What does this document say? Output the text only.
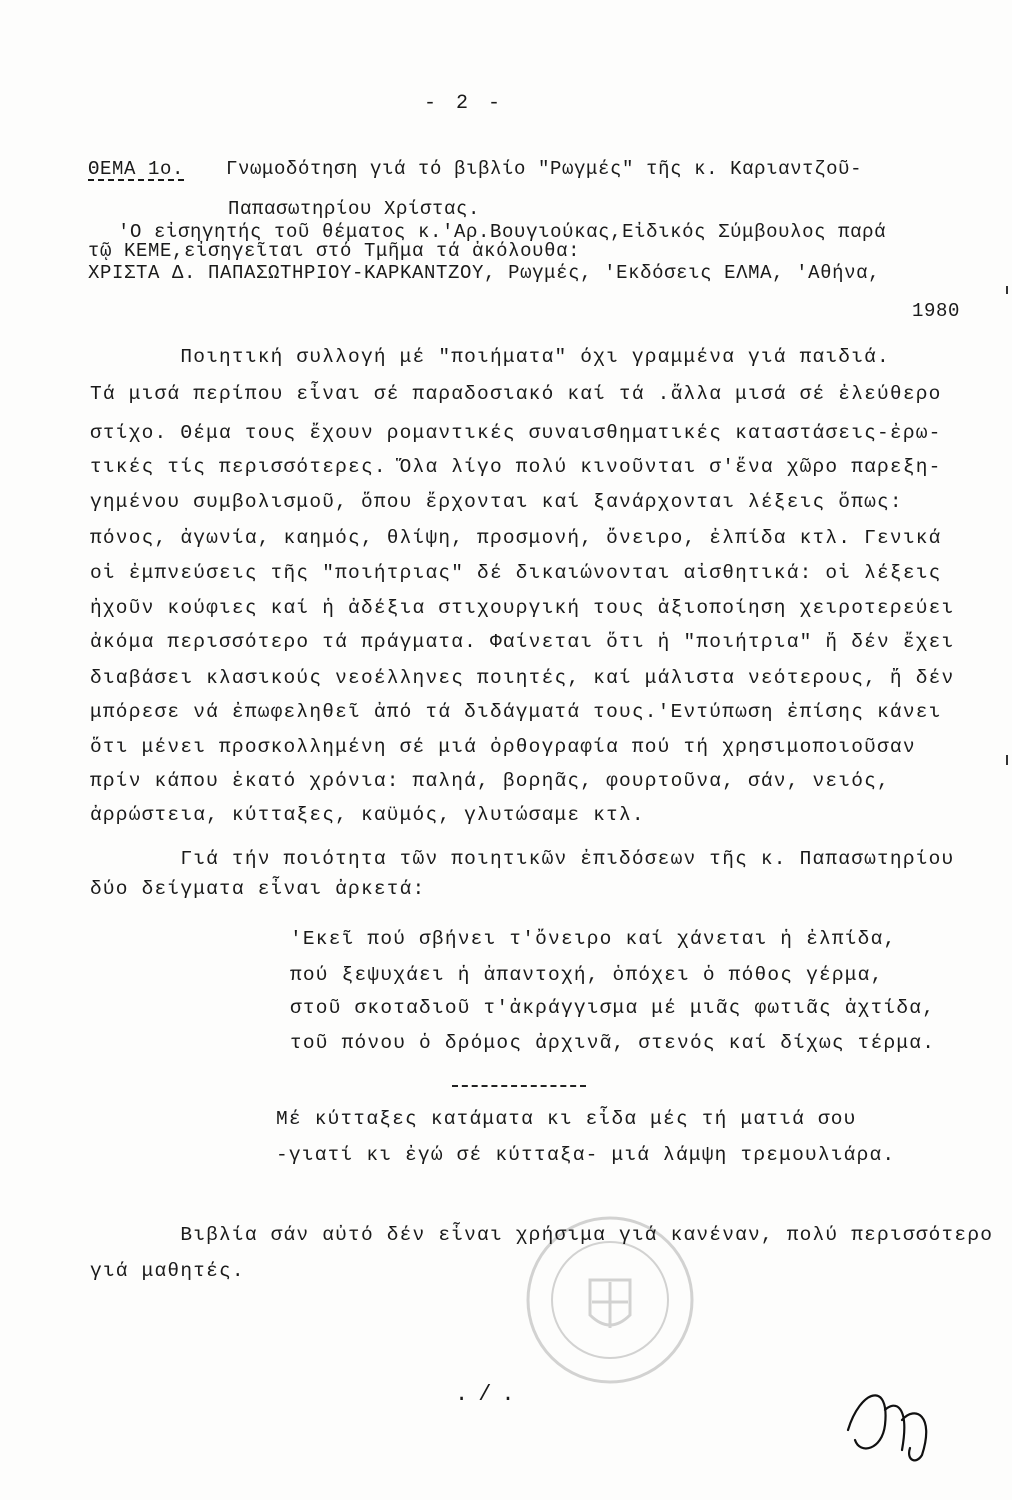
- 2 -
ΘΕΜΑ 1ο. Γνωμοδότηση γιά τό βιβλίο "Ρωγμές" τῆς κ. Καριαντζοῦ-
Παπασωτηρίου Χρίστας.
'Ο εἰσηγητής τοῦ θέματος κ.'Αρ.Βουγιούκας,Εἰδικός Σύμβουλος παρά
τῷ ΚΕΜΕ,εἰσηγεῖται στό Τμῆμα τά ἀκόλουθα:
ΧΡΙΣΤΑ Δ. ΠΑΠΑΣΩΤΗΡΙΟΥ-ΚΑΡΚΑΝΤΖΟΥ, Ρωγμές, 'Εκδόσεις ΕΛΜΑ, 'Αθήνα,
1980
Ποιητική συλλογή μέ "ποιήματα" όχι γραμμένα γιά παιδιά.
Τά μισά περίπου εἶναι σέ παραδοσιακό καί τά .ἄλλα μισά σέ ἐλεύθερο
στίχο. Θέμα τους ἔχουν ρομαντικές συναισθηματικές καταστάσεις-ἐρω-
τικές τίς περισσότερες. Ὅλα λίγο πολύ κινοῦνται σ'ἕνα χῶρο παρεξη-
γημένου συμβολισμοῦ, ὅπου ἔρχονται καί ξανάρχονται λέξεις ὅπως:
πόνος, ἀγωνία, καημός, θλίψη, προσμονή, ὄνειρο, ἐλπίδα κτλ. Γενικά
οἱ ἐμπνεύσεις τῆς "ποιήτριας" δέ δικαιώνονται αἰσθητικά: οἱ λέξεις
ἠχοῦν κούφιες καί ἡ ἀδέξια στιχουργική τους ἀξιοποίηση χειροτερεύει
ἀκόμα περισσότερο τά πράγματα. Φαίνεται ὅτι ἡ "ποιήτρια" ἤ δέν ἔχει
διαβάσει κλασικούς νεοέλληνες ποιητές, καί μάλιστα νεότερους, ἤ δέν
μπόρεσε νά ἐπωφεληθεῖ ἀπό τά διδάγματά τους.'Εντύπωση ἐπίσης κάνει
ὅτι μένει προσκολλημένη σέ μιά ὀρθογραφία πού τή χρησιμοποιοῦσαν
πρίν κάπου ἑκατό χρόνια: παληά, βορηᾶς, φουρτοῦνα, σάν, νειός,
ἀρρώστεια, κύτταξες, καϋμός, γλυτώσαμε κτλ.
Γιά τήν ποιότητα τῶν ποιητικῶν ἐπιδόσεων τῆς κ. Παπασωτηρίου
δύο δείγματα εἶναι ἀρκετά:
'Εκεῖ πού σβήνει τ'ὄνειρο καί χάνεται ἡ ἐλπίδα,
πού ξεψυχάει ἡ ἀπαντοχή, ὁπόχει ὁ πόθος γέρμα,
στοῦ σκοταδιοῦ τ'ἀκράγγισμα μέ μιᾶς φωτιᾶς ἀχτίδα,
τοῦ πόνου ὁ δρόμος ἀρχινᾶ, στενός καί δίχως τέρμα.
Μέ κύτταξες κατάματα κι εἶδα μές τή ματιά σου
-γιατί κι ἐγώ σέ κύτταξα- μιά λάμψη τρεμουλιάρα.
Βιβλία σάν αὐτό δέν εἶναι χρήσιμα γιά κανέναν, πολύ περισσότερο
γιά μαθητές.
./.
